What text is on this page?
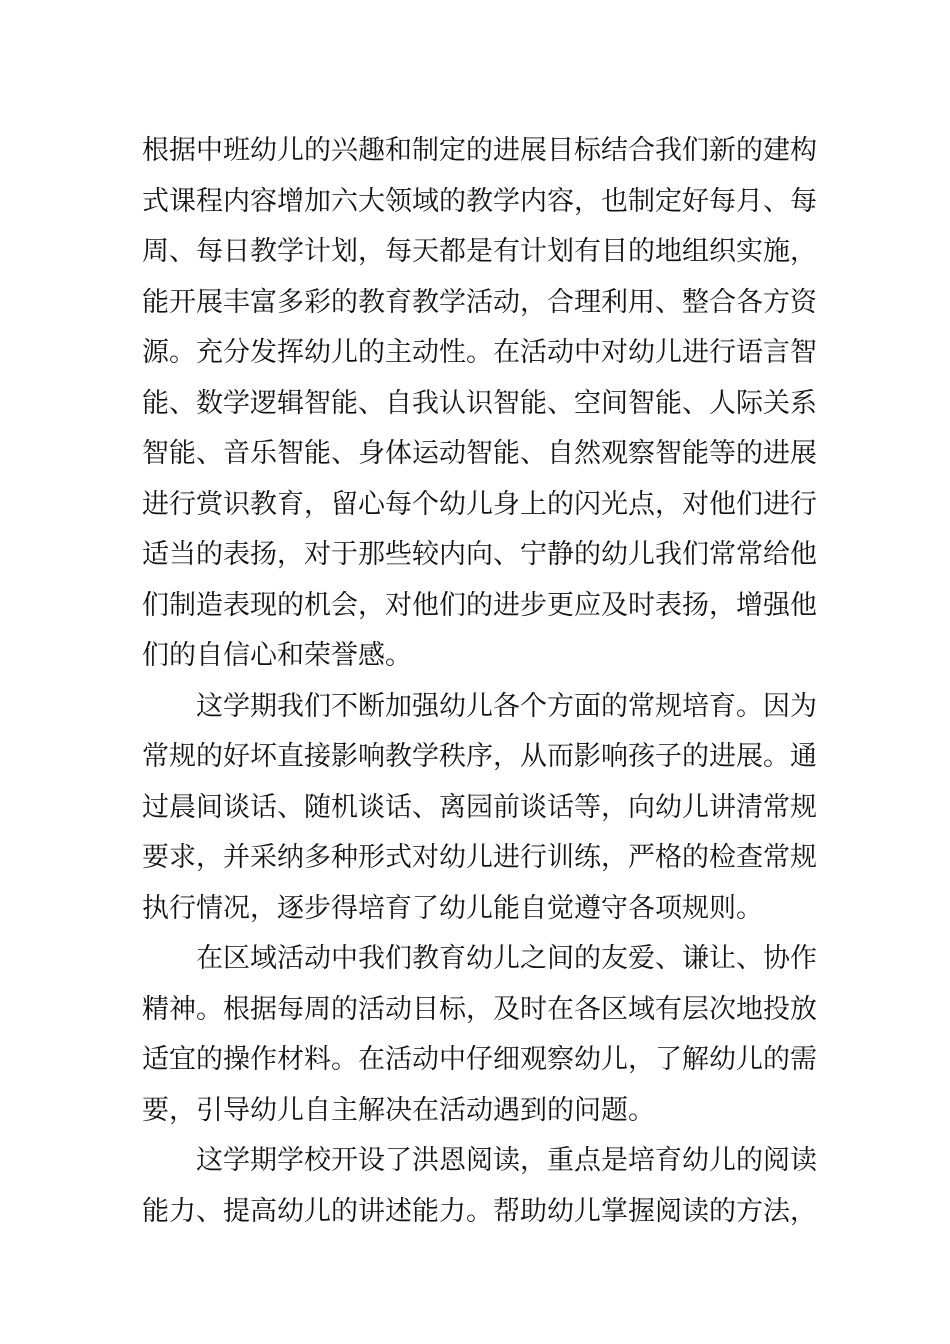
根据中班幼儿的兴趣和制定的进展目标结合我们新的建构
式课程内容增加六大领域的教学内容，也制定好每月、每
周、每日教学计划，每天都是有计划有目的地组织实施，
能开展丰富多彩的教育教学活动，合理利用、整合各方资
源。充分发挥幼儿的主动性。在活动中对幼儿进行语言智
能、数学逻辑智能、自我认识智能、空间智能、人际关系
智能、音乐智能、身体运动智能、自然观察智能等的进展
进行赏识教育，留心每个幼儿身上的闪光点，对他们进行
适当的表扬，对于那些较内向、宁静的幼儿我们常常给他
们制造表现的机会，对他们的进步更应及时表扬，增强他
们的自信心和荣誉感。
这学期我们不断加强幼儿各个方面的常规培育。因为
常规的好坏直接影响教学秩序，从而影响孩子的进展。通
过晨间谈话、随机谈话、离园前谈话等，向幼儿讲清常规
要求，并采纳多种形式对幼儿进行训练，严格的检查常规
执行情况，逐步得培育了幼儿能自觉遵守各项规则。
在区域活动中我们教育幼儿之间的友爱、谦让、协作
精神。根据每周的活动目标，及时在各区域有层次地投放
适宜的操作材料。在活动中仔细观察幼儿，了解幼儿的需
要，引导幼儿自主解决在活动遇到的问题。
这学期学校开设了洪恩阅读，重点是培育幼儿的阅读
能力、提高幼儿的讲述能力。帮助幼儿掌握阅读的方法，
